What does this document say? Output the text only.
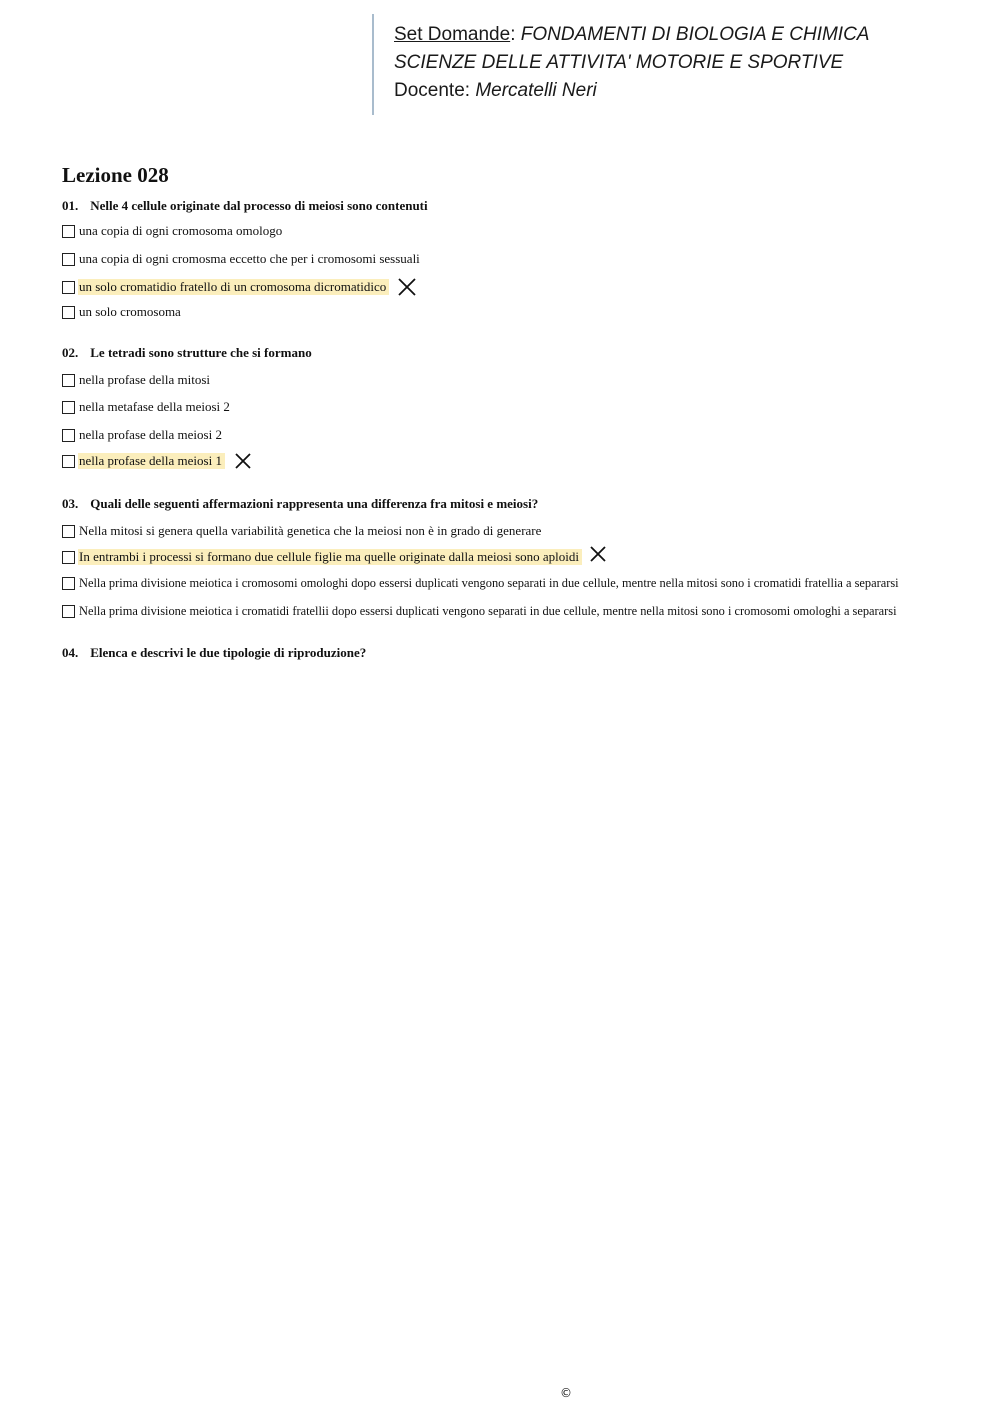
Set Domande: FONDAMENTI DI BIOLOGIA E CHIMICA
SCIENZE DELLE ATTIVITA' MOTORIE E SPORTIVE
Docente: Mercatelli Neri
Lezione 028
01. Nelle 4 cellule originate dal processo di meiosi sono contenuti
una copia di ogni cromosoma omologo
una copia di ogni cromosma eccetto che per i cromosomi sessuali
un solo cromatidio fratello di un cromosoma dicromatidico
un solo cromosoma
02. Le tetradi sono strutture che si formano
nella profase della mitosi
nella metafase della meiosi 2
nella profase della meiosi 2
nella profase della meiosi 1
03. Quali delle seguenti affermazioni rappresenta una differenza fra mitosi e meiosi?
Nella mitosi si genera quella variabilità genetica che la meiosi non è in grado di generare
In entrambi i processi si formano due cellule figlie ma quelle originate dalla meiosi sono aploidi
Nella prima divisione meiotica i cromosomi omologhi dopo essersi duplicati vengono separati in due cellule, mentre nella mitosi sono i cromatidi fratellia a separarsi
Nella prima divisione meiotica i cromatidi fratellii dopo essersi duplicati vengono separati in due cellule, mentre nella mitosi sono i cromosomi omologhi a separarsi
04. Elenca e descrivi le due tipologie di riproduzione?
©
